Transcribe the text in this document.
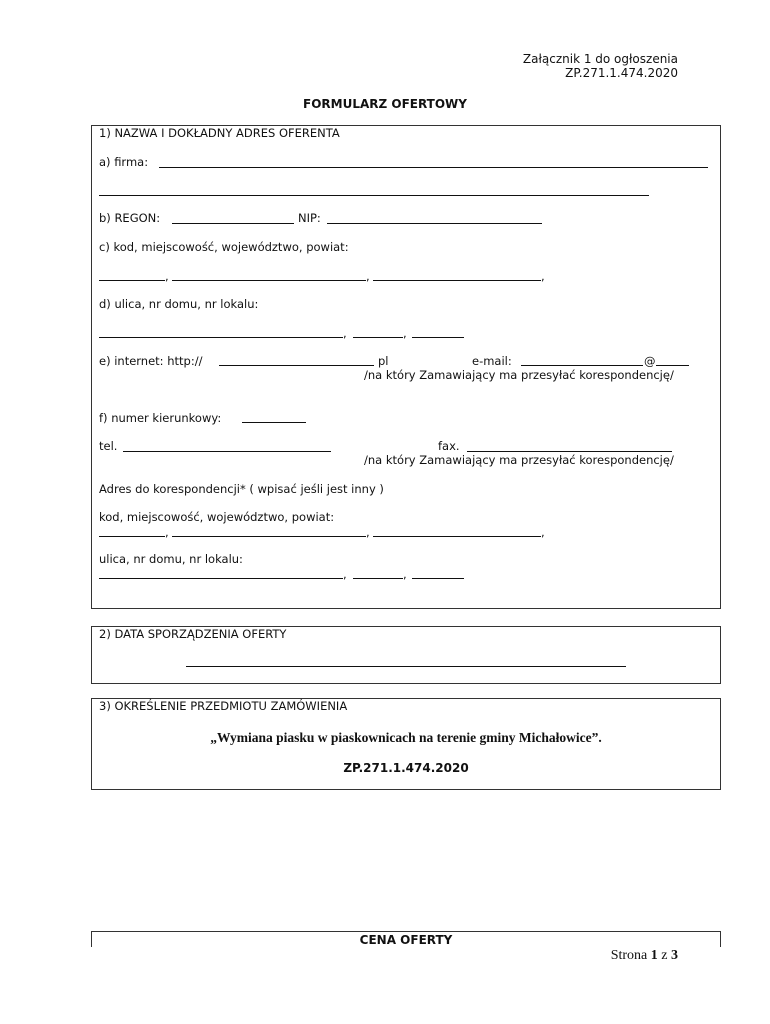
Załącznik 1 do ogłoszenia
ZP.271.1.474.2020
FORMULARZ OFERTOWY
1) NAZWA I DOKŁADNY ADRES OFERENTA
a) firma:
b) REGON:	NIP:
c) kod, miejscowość, województwo, powiat:
,	,	,
d) ulica, nr domu, nr lokalu:
,	,
e) internet: http://	pl	e-mail:	@
/na który Zamawiający ma przesyłać korespondencję/
f) numer kierunkowy:
tel.	fax.
/na który Zamawiający ma przesyłać korespondencję/
Adres do korespondencji* ( wpisać jeśli jest inny )
kod, miejscowość, województwo, powiat:
,	,	,
ulica, nr domu, nr lokalu:
,	,
2) DATA SPORZĄDZENIA OFERTY
3) OKREŚLENIE PRZEDMIOTU ZAMÓWIENIA
„Wymiana piasku w piaskownicach na terenie gminy Michałowice”.
ZP.271.1.474.2020
CENA OFERTY
Strona 1 z 3
